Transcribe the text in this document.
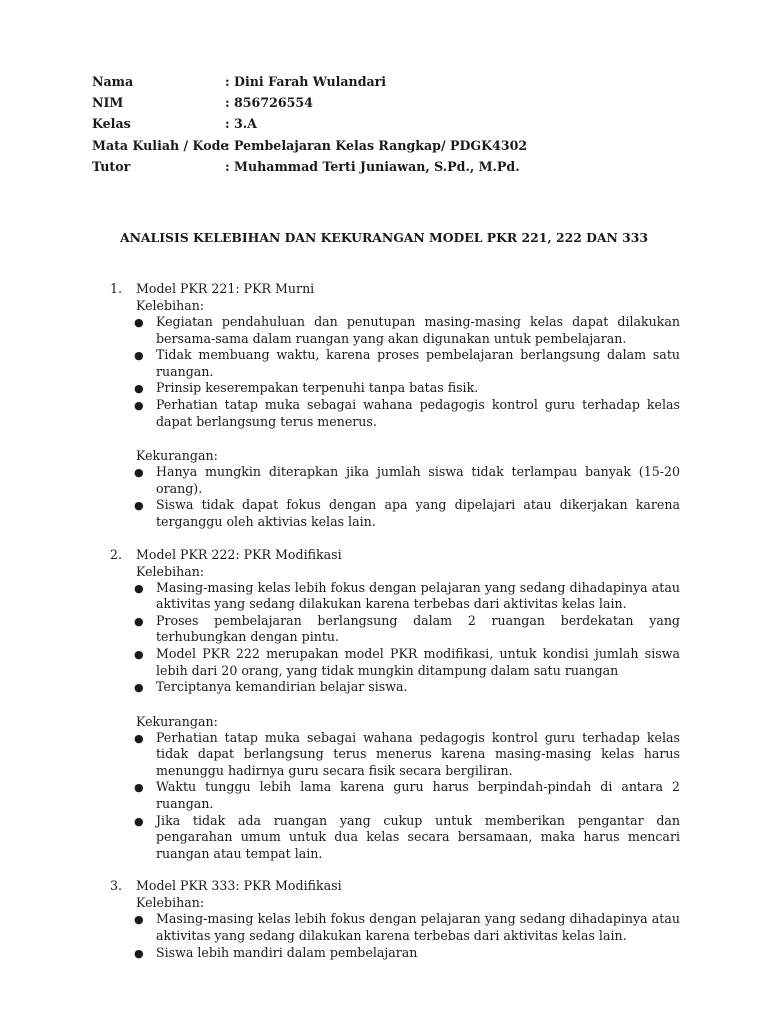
Nama	: Dini Farah Wulandari
NIM	: 856726554
Kelas	: 3.A
Mata Kuliah / Kode: Pembelajaran Kelas Rangkap/ PDGK4302
Tutor	: Muhammad Terti Juniawan, S.Pd., M.Pd.
ANALISIS KELEBIHAN DAN KEKURANGAN MODEL PKR 221, 222 DAN 333
1.	Model PKR 221: PKR Murni
Kelebihan:
● Kegiatan pendahuluan dan penutupan masing-masing kelas dapat dilakukan bersama-sama dalam ruangan yang akan digunakan untuk pembelajaran.
● Tidak membuang waktu, karena proses pembelajaran berlangsung dalam satu ruangan.
● Prinsip keserempakan terpenuhi tanpa batas fisik.
● Perhatian tatap muka sebagai wahana pedagogis kontrol guru terhadap kelas dapat berlangsung terus menerus.
Kekurangan:
● Hanya mungkin diterapkan jika jumlah siswa tidak terlampau banyak (15-20 orang).
● Siswa tidak dapat fokus dengan apa yang dipelajari atau dikerjakan karena terganggu oleh aktivias kelas lain.
2.	Model PKR 222: PKR Modifikasi
Kelebihan:
● Masing-masing kelas lebih fokus dengan pelajaran yang sedang dihadapinya atau aktivitas yang sedang dilakukan karena terbebas dari aktivitas kelas lain.
● Proses pembelajaran berlangsung dalam 2 ruangan berdekatan yang terhubungkan dengan pintu.
● Model PKR 222 merupakan model PKR modifikasi, untuk kondisi jumlah siswa lebih dari 20 orang, yang tidak mungkin ditampung dalam satu ruangan
● Terciptanya kemandirian belajar siswa.
Kekurangan:
● Perhatian tatap muka sebagai wahana pedagogis kontrol guru terhadap kelas tidak dapat berlangsung terus menerus karena masing-masing kelas harus menunggu hadirnya guru secara fisik secara bergiliran.
● Waktu tunggu lebih lama karena guru harus berpindah-pindah di antara 2 ruangan.
● Jika tidak ada ruangan yang cukup untuk memberikan pengantar dan pengarahan umum untuk dua kelas secara bersamaan, maka harus mencari ruangan atau tempat lain.
3.	Model PKR 333: PKR Modifikasi
Kelebihan:
● Masing-masing kelas lebih fokus dengan pelajaran yang sedang dihadapinya atau aktivitas yang sedang dilakukan karena terbebas dari aktivitas kelas lain.
● Siswa lebih mandiri dalam pembelajaran
